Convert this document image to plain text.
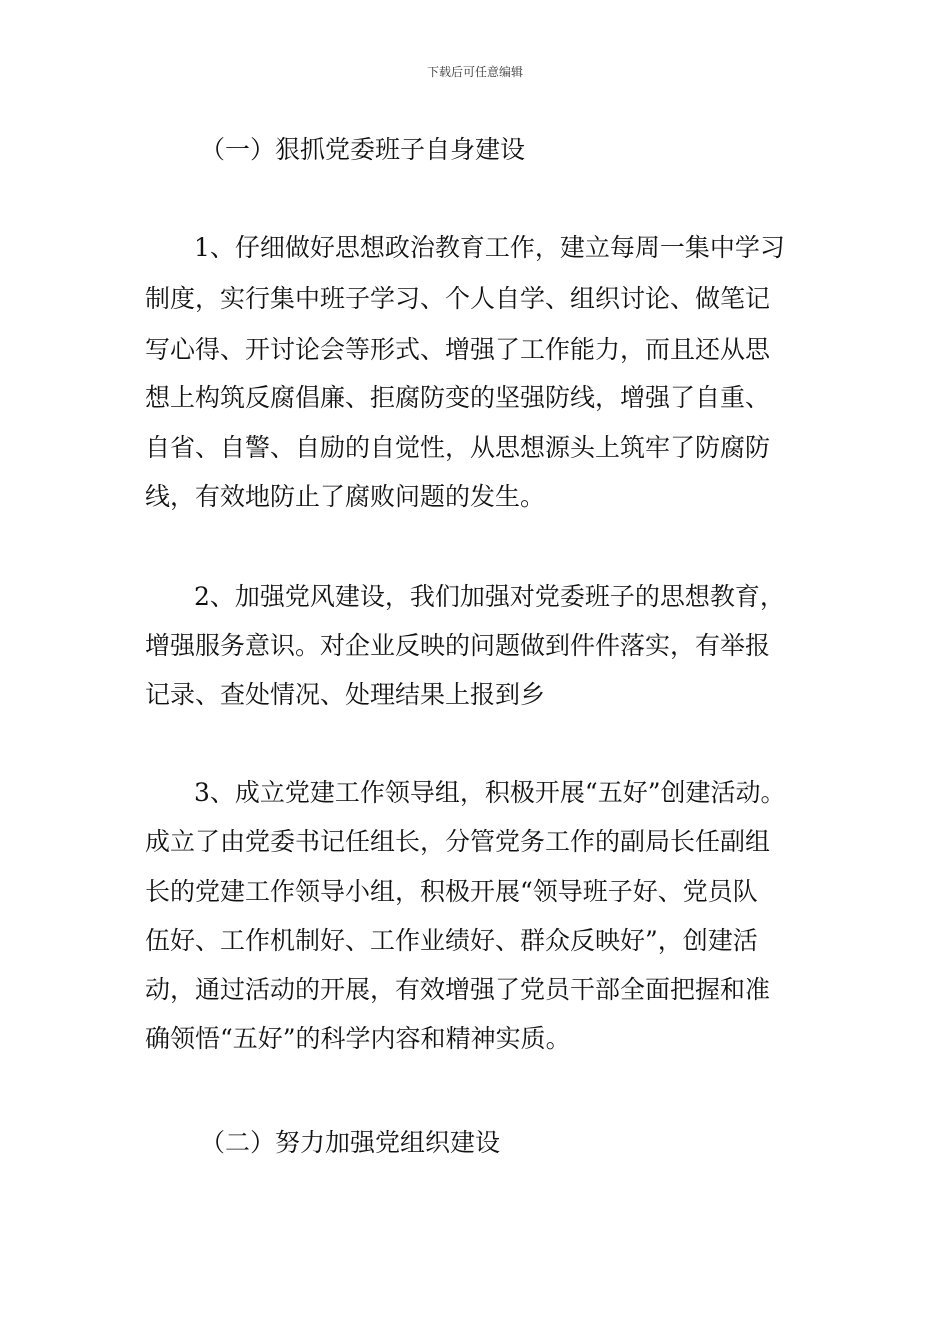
下载后可任意编辑
（一）狠抓党委班子自身建设
1、仔细做好思想政治教育工作，建立每周一集中学习
制度，实行集中班子学习、个人自学、组织讨论、做笔记
写心得、开讨论会等形式、增强了工作能力，而且还从思
想上构筑反腐倡廉、拒腐防变的坚强防线，增强了自重、
自省、自警、自励的自觉性，从思想源头上筑牢了防腐防
线，有效地防止了腐败问题的发生。
2、加强党风建设，我们加强对党委班子的思想教育，
增强服务意识。对企业反映的问题做到件件落实，有举报
记录、查处情况、处理结果上报到乡
3、成立党建工作领导组，积极开展“五好”创建活动。
成立了由党委书记任组长，分管党务工作的副局长任副组
长的党建工作领导小组，积极开展“领导班子好、党员队
伍好、工作机制好、工作业绩好、群众反映好”，创建活
动，通过活动的开展，有效增强了党员干部全面把握和准
确领悟“五好”的科学内容和精神实质。
（二）努力加强党组织建设
